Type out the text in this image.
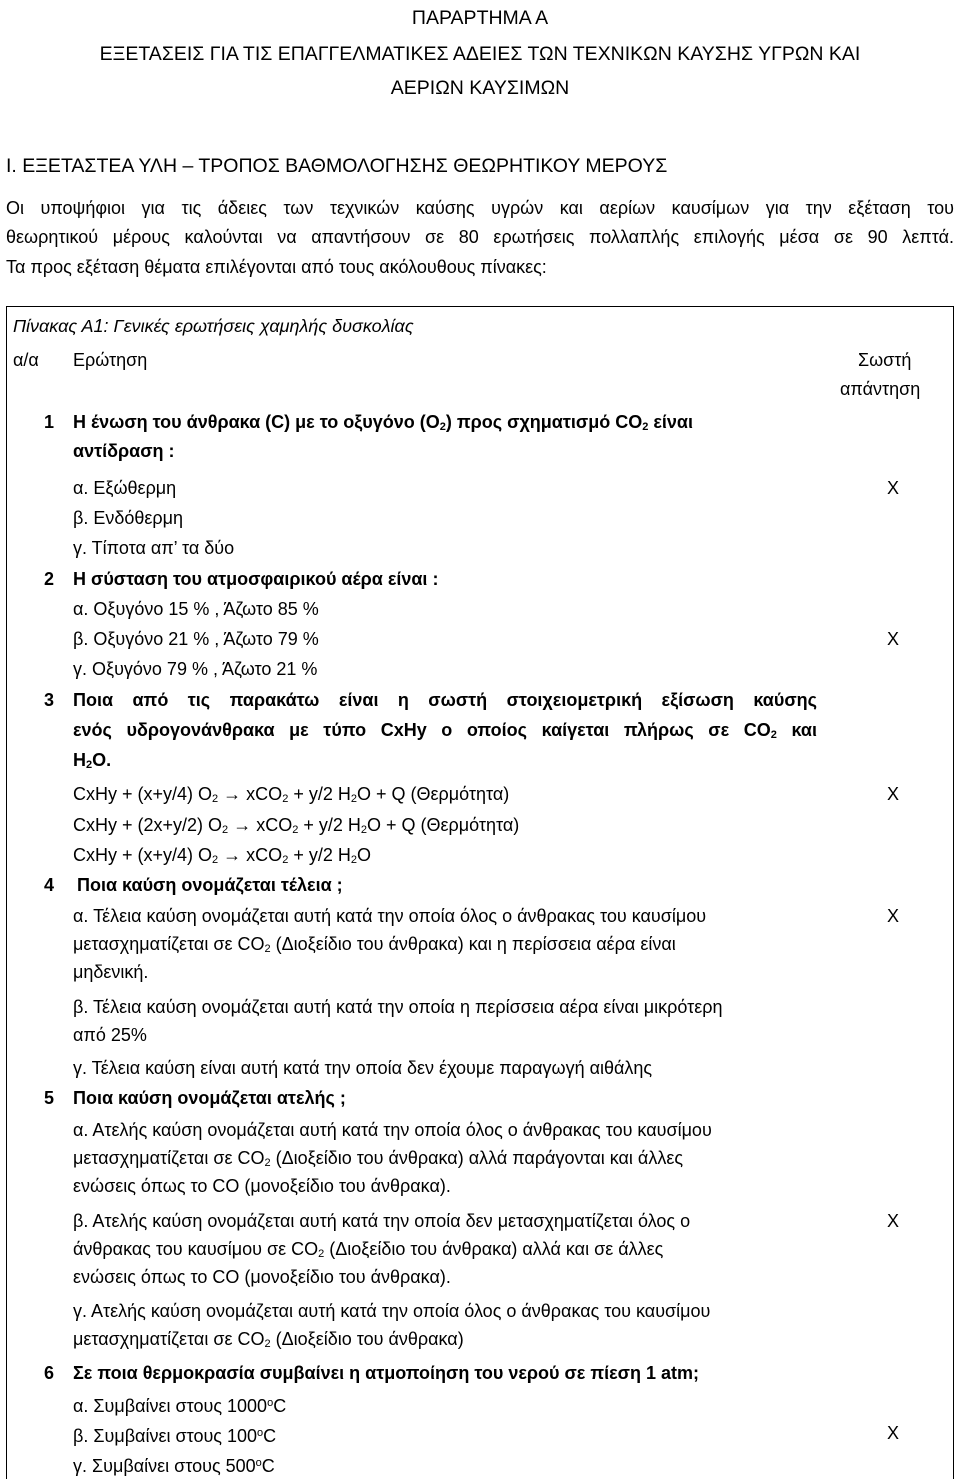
ΠΑΡΑΡΤΗΜΑ Α
ΕΞΕΤΑΣΕΙΣ ΓΙΑ ΤΙΣ ΕΠΑΓΓΕΛΜΑΤΙΚΕΣ ΑΔΕΙΕΣ ΤΩΝ ΤΕΧΝΙΚΩΝ ΚΑΥΣΗΣ ΥΓΡΩΝ ΚΑΙ
ΑΕΡΙΩΝ ΚΑΥΣΙΜΩΝ
I. ΕΞΕΤΑΣΤΕΑ ΥΛΗ – ΤΡΟΠΟΣ ΒΑΘΜΟΛΟΓΗΣΗΣ ΘΕΩΡΗΤΙΚΟΥ ΜΕΡΟΥΣ
Οι υποψήφιοι για τις άδειες των τεχνικών καύσης υγρών και αερίων καυσίμων για την εξέταση του
θεωρητικού μέρους καλούνται να απαντήσουν σε 80 ερωτήσεις πολλαπλής επιλογής μέσα σε 90 λεπτά.
Τα προς εξέταση θέματα επιλέγονται από τους ακόλουθους πίνακες:
Πίνακας Α1: Γενικές ερωτήσεις χαμηλής δυσκολίας
α/α Ερώτηση	Σωστή
απάντηση
1 Η ένωση του άνθρακα (C) με το οξυγόνο $(O_2)$ προς σχηματισμό $CO_2$ είναι
αντίδραση :
α. Εξώθερμη	X
β. Ενδόθερμη
γ. Τίποτα απ’ τα δύο
2 Η σύσταση του ατμοσφαιρικού αέρα είναι :
α. Οξυγόνο 15 % , Άζωτο 85 %
β. Οξυγόνο 21 % , Άζωτο 79 %	X
γ. Οξυγόνο 79 % , Άζωτο 21 %
3 Ποια από τις παρακάτω είναι η σωστή στοιχειομετρική εξίσωση καύσης
ενός υδρογονάνθρακα με τύπο CxHy ο οποίος καίγεται πλήρως σε $CO_2$ και
$H_2O$.
CxHy + (x+y/4) $O_2 \to xCO_2 + y/2$ $H_2O + Q$ (Θερμότητα)	X
CxHy + (2x+y/2) $O_2 \to xCO_2 + y/2$ $H_2O + Q$ (Θερμότητα)
CxHy + (x+y/4) $O_2 \to xCO_2 + y/2$ $H_2O$
4 Ποια καύση ονομάζεται τέλεια ;
α. Τέλεια καύση ονομάζεται αυτή κατά την οποία όλος ο άνθρακας του καυσίμου	X
μετασχηματίζεται σε $CO_2$ (Διοξείδιο του άνθρακα) και η περίσσεια αέρα είναι
μηδενική.
β. Τέλεια καύση ονομάζεται αυτή κατά την οποία η περίσσεια αέρα είναι μικρότερη
από 25%
γ. Τέλεια καύση είναι αυτή κατά την οποία δεν έχουμε παραγωγή αιθάλης
5 Ποια καύση ονομάζεται ατελής ;
α. Ατελής καύση ονομάζεται αυτή κατά την οποία όλος ο άνθρακας του καυσίμου
μετασχηματίζεται σε $CO_2$ (Διοξείδιο του άνθρακα) αλλά παράγονται και άλλες
ενώσεις όπως το CO (μονοξείδιο του άνθρακα).
β. Ατελής καύση ονομάζεται αυτή κατά την οποία δεν μετασχηματίζεται όλος ο	X
άνθρακας του καυσίμου σε $CO_2$ (Διοξείδιο του άνθρακα) αλλά και σε άλλες
ενώσεις όπως το CO (μονοξείδιο του άνθρακα).
γ. Ατελής καύση ονομάζεται αυτή κατά την οποία όλος ο άνθρακας του καυσίμου
μετασχηματίζεται σε $CO_2$ (Διοξείδιο του άνθρακα)
6 Σε ποια θερμοκρασία συμβαίνει η ατμοποίηση του νερού σε πίεση 1 atm;
α. Συμβαίνει στους 1000$^o$C
β. Συμβαίνει στους 100$^o$C	X
γ. Συμβαίνει στους 500$^o$C
